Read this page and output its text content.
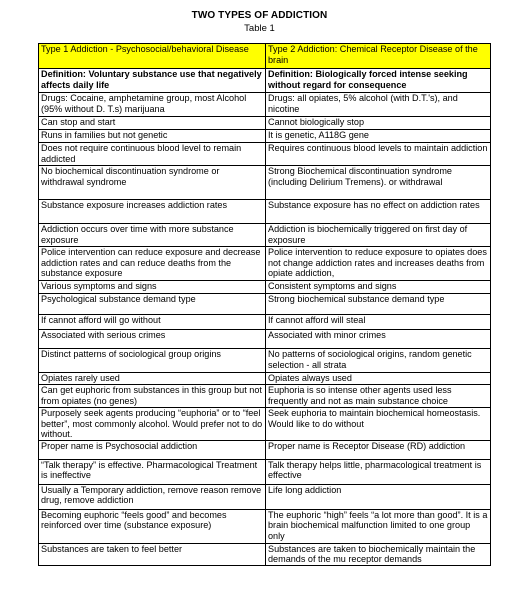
TWO TYPES OF ADDICTION
Table 1
Type 1 Addiction - Psychosocial/behavioral Disease	Type 2 Addiction: Chemical Receptor Disease of the brain
Definition: Voluntary substance use that negatively affects daily life	Definition: Biologically forced intense seeking without regard for consequence
Drugs: Cocaine, amphetamine group, most Alcohol (95% without D. T.s) marijuana	Drugs: all opiates, 5% alcohol (with D.T.'s), and nicotine
Can stop and start	Cannot biologically stop
Runs in families but not genetic	It is genetic, A118G gene
Does not require continuous blood level to remain addicted	Requires continuous blood levels to maintain addiction
No biochemical discontinuation syndrome or withdrawal syndrome	Strong Biochemical discontinuation syndrome (including Delirium Tremens). or withdrawal
Substance exposure increases addiction rates	Substance exposure has no effect on addiction rates
Addiction occurs over time with more substance exposure	Addiction is biochemically triggered on first day of exposure
Police intervention can reduce exposure and decrease addiction rates and can reduce deaths from the substance exposure	Police intervention to reduce exposure to opiates does not change addiction rates and increases deaths from opiate addiction,
Various symptoms and signs	Consistent symptoms and signs
Psychological substance demand type	Strong biochemical substance demand type
If cannot afford will go without	If cannot afford will steal
Associated with serious crimes	Associated with minor crimes
Distinct patterns of sociological group origins	No patterns of sociological origins, random genetic selection - all strata
Opiates rarely used	Opiates always used
Can get euphoric from substances in this group but not from opiates (no genes)	Euphoria is so intense other agents used less frequently and not as main substance choice
Purposely seek agents producing “euphoria” or to “feel better”, most commonly alcohol. Would prefer not to do without.	Seek euphoria to maintain biochemical homeostasis. Would like to do without
Proper name is Psychosocial addiction	Proper name is Receptor Disease (RD) addiction
“Talk therapy” is effective. Pharmacological Treatment is ineffective	Talk therapy helps little, pharmacological treatment is effective
Usually a Temporary addiction, remove reason remove drug, remove addiction	Life long addiction
Becoming euphoric “feels good” and becomes reinforced over time (substance exposure)	The euphoric “high” feels “a lot more than good”. It is a brain biochemical malfunction limited to one group only
Substances are taken to feel better	Substances are taken to biochemically maintain the demands of the mu receptor demands
